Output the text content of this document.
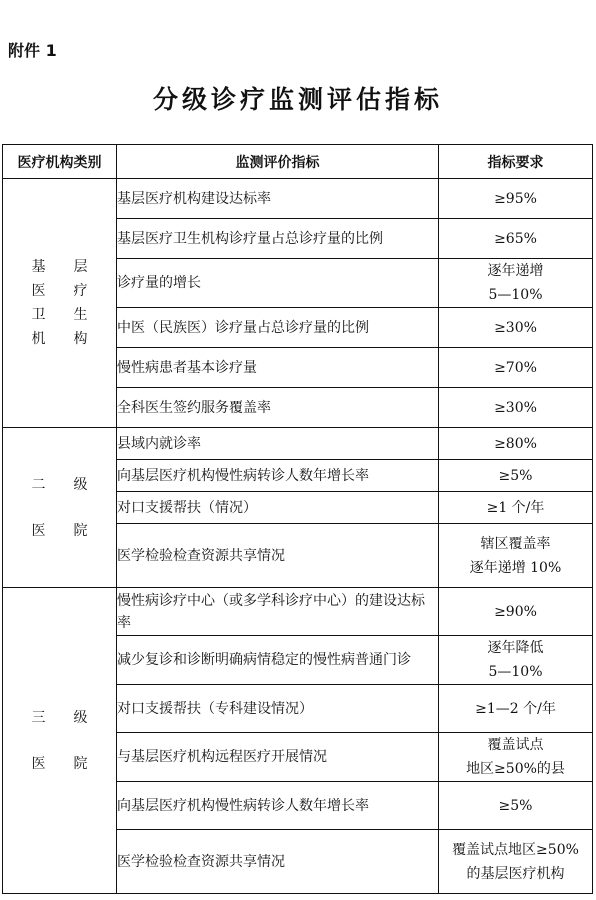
附件 1
分级诊疗监测评估指标
医疗机构类别	监测评价指标	指标要求

基　　层
医　　疗
卫　　生
机　　构	基层医疗机构建设达标率	≥95%
	基层医疗卫生机构诊疗量占总诊疗量的比例	≥65%
	诊疗量的增长	逐年递增
5—10%

	中医（民族医）诊疗量占总诊疗量的比例	≥30%
	慢性病患者基本诊疗量	≥70%
	全科医生签约服务覆盖率	≥30%

二　　级
医　　院	县域内就诊率	≥80%
	向基层医疗机构慢性病转诊人数年增长率	≥5%
	对口支援帮扶（情况）	≥1 个/年
	医学检验检查资源共享情况	辖区覆盖率
逐年递增 10%

三　　级
医　　院	慢性病诊疗中心（或多学科诊疗中心）的建设达标率	≥90%
	减少复诊和诊断明确病情稳定的慢性病普通门诊	逐年降低
5—10%

	对口支援帮扶（专科建设情况）	≥1—2 个/年
	与基层医疗机构远程医疗开展情况	覆盖试点
地区≥50%的县

	向基层医疗机构慢性病转诊人数年增长率	≥5%
	医学检验检查资源共享情况	覆盖试点地区≥50%
的基层医疗机构
